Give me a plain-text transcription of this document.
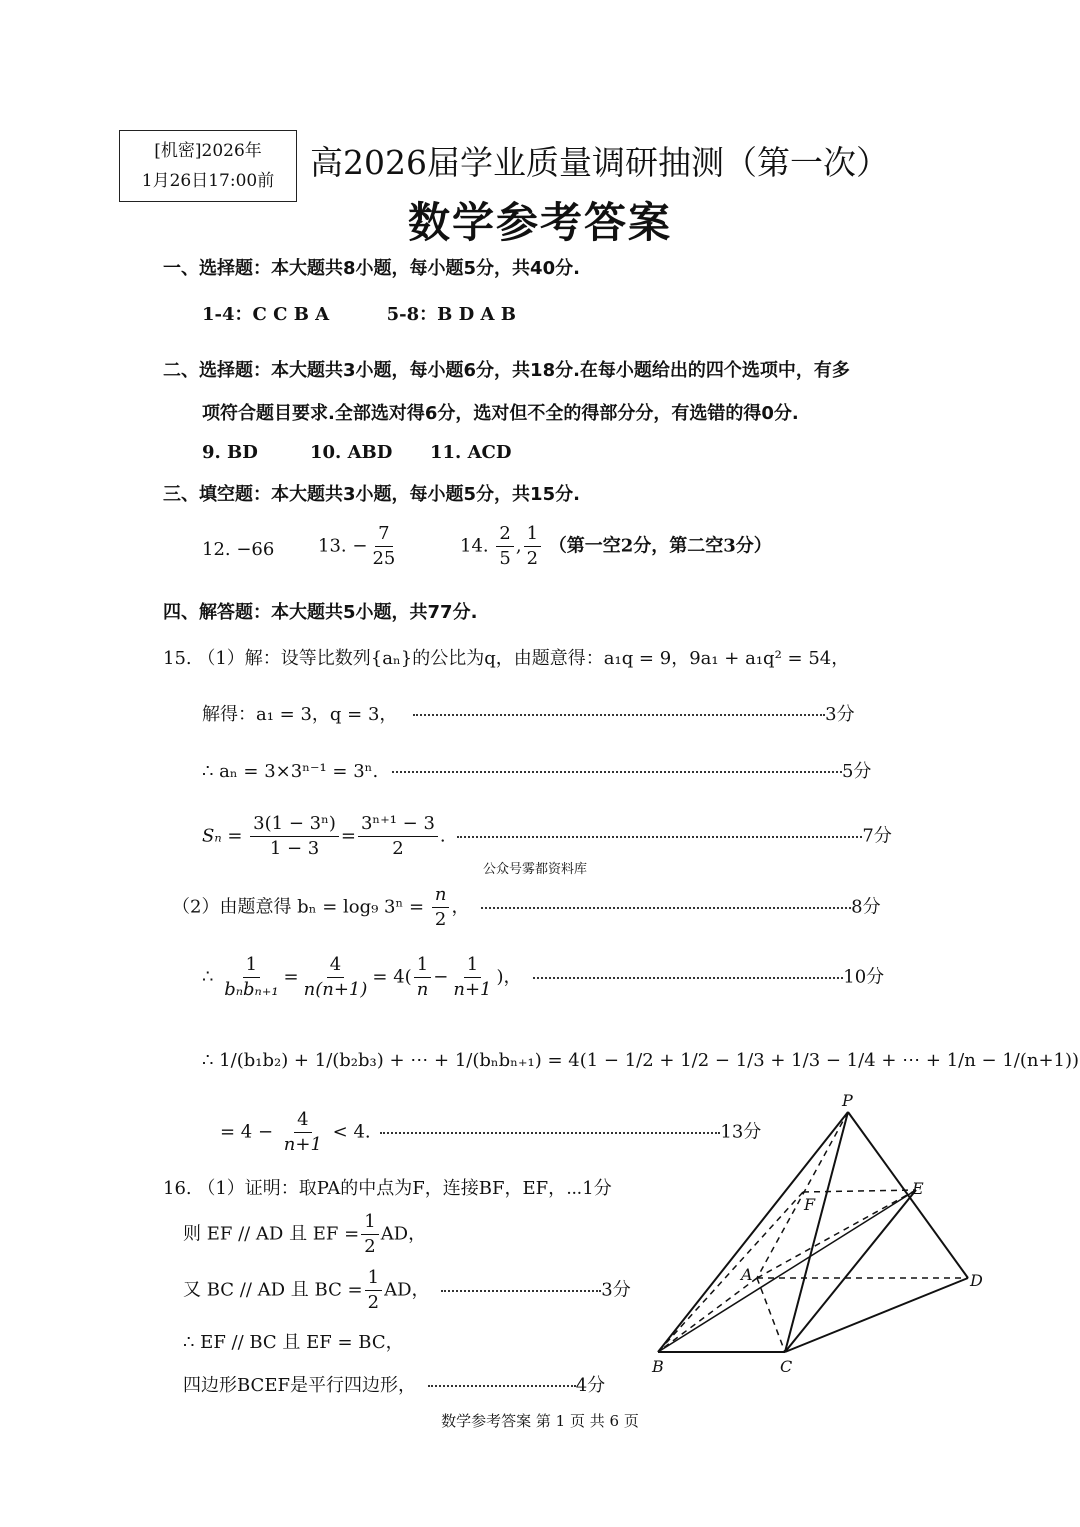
[机密]2026年
1月26日17:00前	高2026届学业质量调研抽测（第一次）
数学参考答案
一、选择题：本大题共8小题，每小题5分，共40分.
1-4：C C B A	5-8：B D A B
二、选择题：本大题共3小题，每小题6分，共18分.在每小题给出的四个选项中，有多
项符合题目要求.全部选对得6分，选对但不全的得部分分，有选错的得0分.
9. BD	10. ABD 11. ACD
三、填空题：本大题共3小题，每小题5分，共15分.
12. −66 13. − $\frac{7}{25}$	14. $\frac{2}{5}$ , $\frac{1}{2}$ （第一空2分，第二空3分）
四、解答题：本大题共5小题，共77分.
15. （1）解：设等比数列{aₙ}的公比为q，由题意得：a₁q = 9，9a₁ + a₁q² = 54，
解得：a₁ = 3，q = 3，	3分
∴ aₙ = 3×3ⁿ⁻¹ = 3ⁿ.	5分
$S_n = \frac{\text{3(1 − 3ⁿ)}}{1 - 3} = \frac{\text{3ⁿ⁺¹ − 3}}{2}$ .	7分
公众号雾都资料库
（2）由题意得 bₙ = log₉ $3^n = \frac{n}{2}$ ，	8分
∴ $\frac{1}{\text{bₙbₙ₊₁}} = \frac{4}{n(n+1)} = 4( \frac{1}{n} - \frac{1}{n+1}$ )，	10分
∴ 1/(b₁b₂) + 1/(b₂b₃) + ⋯ + 1/(bₙbₙ₊₁) = 4(1 − 1/2 + 1/2 − 1/3 + 1/3 − 1/4 + ⋯ + 1/n − 1/(n+1))
= $4 - \frac{4}{n+1} < 4$.	13分
16. （1）证明：取PA的中点为F，连接BF，EF，⋯1分
则 EF // AD 且 EF = $\frac{1}{2}$ AD，
又 BC // AD 且 BC = $\frac{1}{2}$ AD，	3分
∴ EF // BC 且 EF = BC，
四边形BCEF是平行四边形，	4分
P
E
F
A	D
B	C
数学参考答案 第 1 页 共 6 页
